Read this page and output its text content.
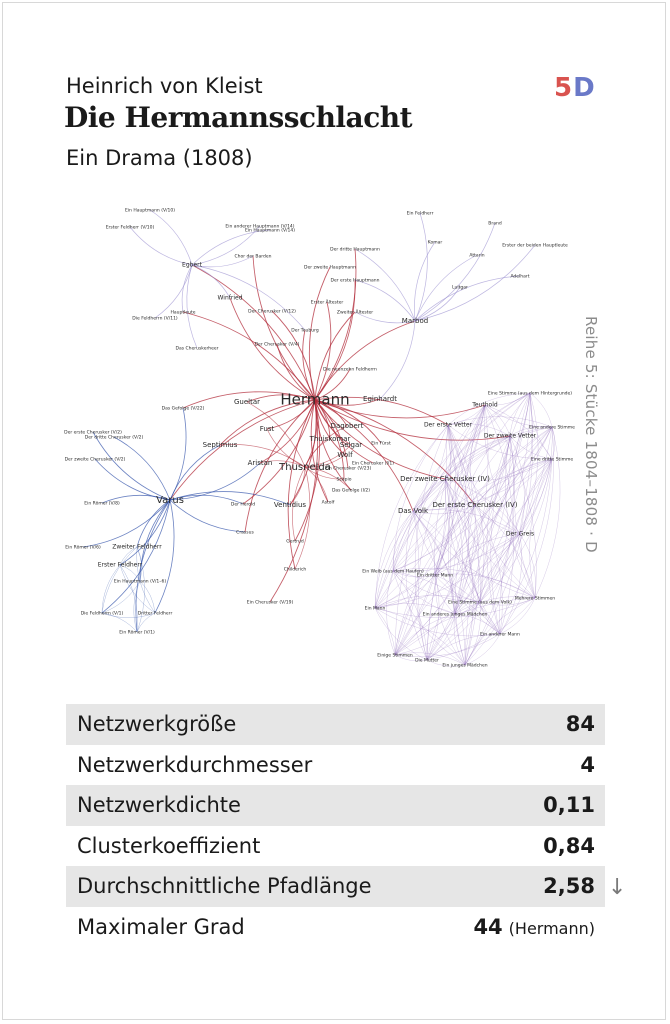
Heinrich von Kleist
Die Hermannsschlacht
Ein Drama (1808)
5D
Reihe 5: Stücke 1804–1808 · D
Hermann
Thusnelda
Varus	Ventidius
Marbod
Egbert
Wolf
Thuiskomar
Selgar
Dagobert
Gueltar
Fust
Septimius
Aristan
Eginhardt
Das Volk
Der zweite Cherusker (IV)
Der erste Cherusker (IV)
Der Greis
Der erste Vetter
Der zweite Vetter
Teuthold
Eine andere Stimme
Eine dritte Stimme
Eine Stimme (aus dem Hintergrunde)
Erster Feldherr
Zweiter Feldherr
Dritter Feldherr
Ein Hauptmann (V/1–6)
Die Feldherrn (V/1)
Ein Römer (V/1)
Ein Römer (V/6)
Ein Römer (V/8)
Der erste Cherusker (V/2)
Der dritte Cherusker (V/2)
Der zweite Cherusker (V/2)
Das Gefolge (V/22)
Der Herold
Crassus
Gertrud
Childerich
Ein Cherusker (V/19)
Astolf
Scäpio
Das Gefolge (I/2)
Ein Cherusker (V/23)
Ein Cherusker (I/1)
Ein Fürst
Die neunzehn Feldherrn
Der Teuburg
Der Cherusker (V/12)
Der Cherusker (V/4)
Erster Ältester
Zweiter Ältester
Der dritte Hauptmann
Der zweite Hauptmann
Der erste Hauptmann
Ein Hauptmann (V/10)
Erster Feldherr (V/10)	Ein anderer Hauptmann (V/14)
Ein Hauptmann (V/14)
Chor der Barden
Winfried
Hauptleute
Die Feldherrn (V/11)
Das Cheruskerheer
Ein Feldherr
Komar
Brand
Attarin
Erster der beiden Hauptleute
Adelhart
Luitgar
Ein Weib (aus dem Haufen)
Ein dritter Mann
Ein Mann
Eine Stimme (aus dem Volk)
Mehrere Stimmen
Ein anderes junges Mädchen
Ein anderer Mann
Einige Stimmen
Die Mutter
Ein junges Mädchen
Netzwerkgröße	84
Netzwerkdurchmesser	4
Netzwerkdichte	0,11
Clusterkoeffizient	0,84
Durchschnittliche Pfadlänge	2,58
Maximaler Grad	44 (Hermann)
↓
